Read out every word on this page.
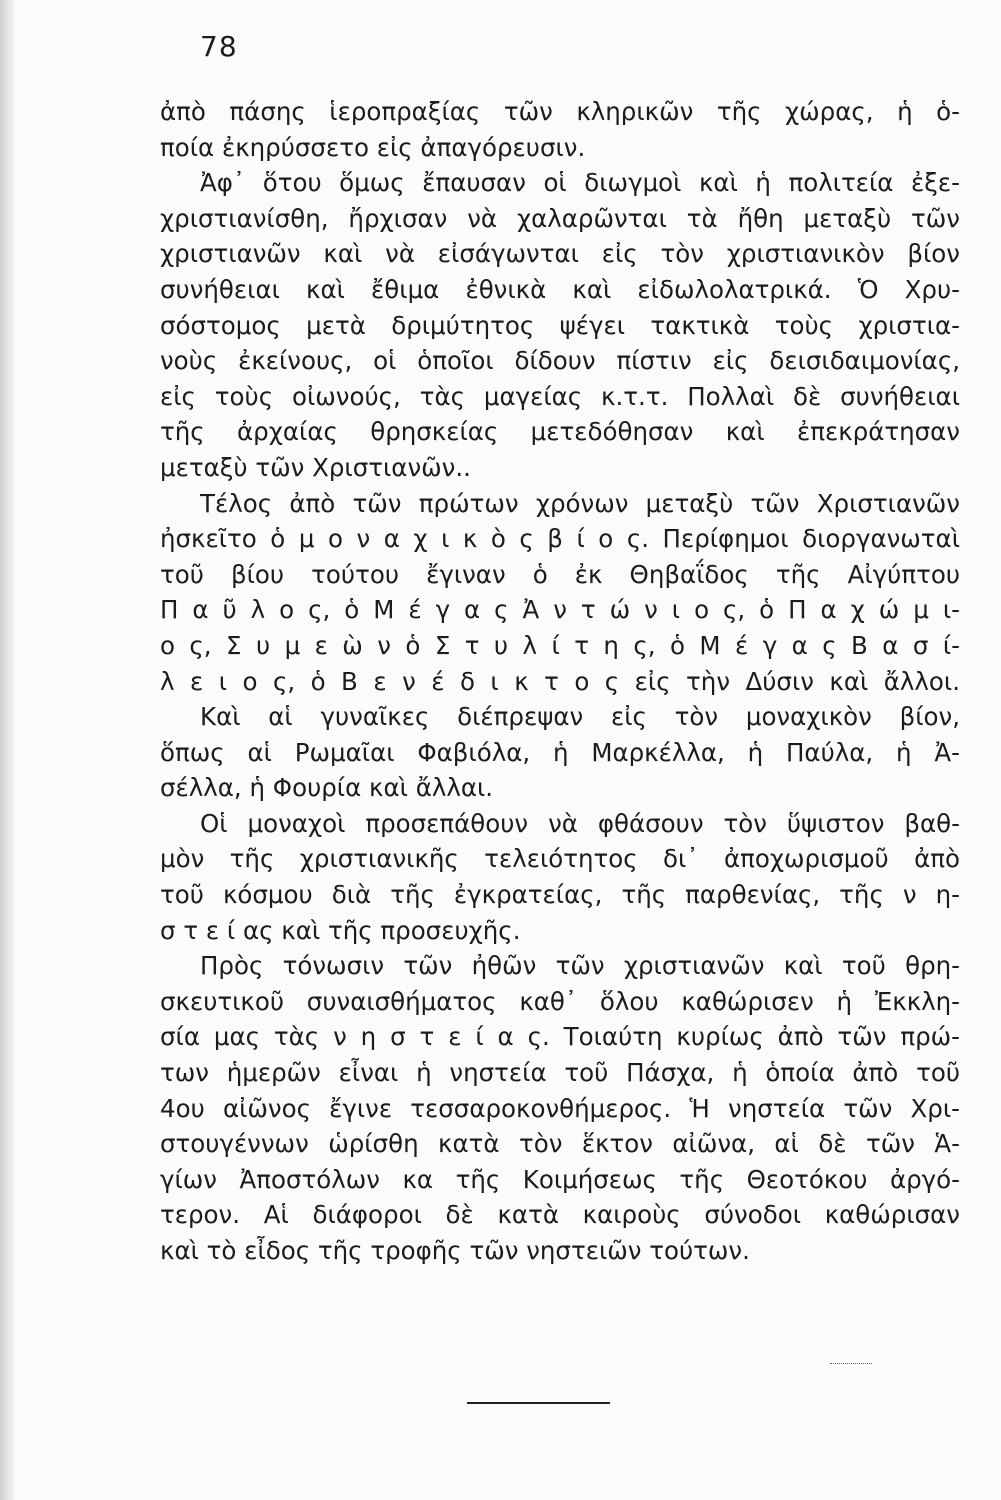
78
ἀπὸ πάσης ἱεροπραξίας τῶν κληρικῶν τῆς χώρας, ἡ ὁ-
ποία ἐκηρύσσετο εἰς ἀπαγόρευσιν.
Ἀφ᾽ ὅτου ὅμως ἔπαυσαν οἱ διωγμοὶ καὶ ἡ πολιτεία ἐξε-
χριστιανίσθη, ἤρχισαν νὰ χαλαρῶνται τὰ ἤθη μεταξὺ τῶν
χριστιανῶν καὶ νὰ εἰσάγωνται εἰς τὸν χριστιανικὸν βίον
συνήθειαι καὶ ἔθιμα ἐθνικὰ καὶ εἰδωλολατρικά. Ὁ Χρυ-
σόστομος μετὰ δριμύτητος ψέγει τακτικὰ τοὺς χριστια-
νοὺς ἐκείνους, οἱ ὁποῖοι δίδουν πίστιν εἰς δεισιδαιμονίας,
εἰς τοὺς οἰωνούς, τὰς μαγείας κ.τ.τ. Πολλαὶ δὲ συνήθειαι
τῆς ἀρχαίας θρησκείας μετεδόθησαν καὶ ἐπεκράτησαν
μεταξὺ τῶν Χριστιανῶν..
Τέλος ἀπὸ τῶν πρώτων χρόνων μεταξὺ τῶν Χριστιανῶν
ἠσκεῖτο ὁ μ ο ν α χ ι κ ὸ ς β ί ο ς. Περίφημοι διοργανωταὶ
τοῦ βίου τούτου ἔγιναν ὁ ἐκ Θηβαΐδος τῆς Αἰγύπτου
Π α ῦ λ ο ς, ὁ Μ έ γ α ς Ἀ ν τ ώ ν ι ο ς, ὁ Π α χ ώ μ ι-
ο ς, Σ υ μ ε ὼ ν ὁ Σ τ υ λ ί τ η ς, ὁ Μ έ γ α ς Β α σ ί-
λ ε ι ο ς, ὁ Β ε ν έ δ ι κ τ ο ς εἰς τὴν Δύσιν καὶ ἄλλοι.
Καὶ αἱ γυναῖκες διέπρεψαν εἰς τὸν μοναχικὸν βίον,
ὅπως αἱ Ρωμαῖαι Φαβιόλα, ἡ Μαρκέλλα, ἡ Παύλα, ἡ Ἀ-
σέλλα, ἡ Φουρία καὶ ἄλλαι.
Οἱ μοναχοὶ προσεπάθουν νὰ φθάσουν τὸν ὕψιστον βαθ-
μὸν τῆς χριστιανικῆς τελειότητος δι᾽ ἀποχωρισμοῦ ἀπὸ
τοῦ κόσμου διὰ τῆς ἐγκρατείας, τῆς παρθενίας, τῆς ν η-
σ τ ε ί ας καὶ τῆς προσευχῆς.
Πρὸς τόνωσιν τῶν ἠθῶν τῶν χριστιανῶν καὶ τοῦ θρη-
σκευτικοῦ συναισθήματος καθ᾽ ὅλου καθώρισεν ἡ Ἐκκλη-
σία μας τὰς ν η σ τ ε ί α ς. Τοιαύτη κυρίως ἀπὸ τῶν πρώ-
των ἡμερῶν εἶναι ἡ νηστεία τοῦ Πάσχα, ἡ ὁποία ἀπὸ τοῦ
4ου αἰῶνος ἔγινε τεσσαροκονθήμερος. Ἡ νηστεία τῶν Χρι-
στουγέννων ὡρίσθη κατὰ τὸν ἕκτον αἰῶνα, αἱ δὲ τῶν Ἁ-
γίων Ἀποστόλων κα τῆς Κοιμήσεως τῆς Θεοτόκου ἀργό-
τερον. Αἱ διάφοροι δὲ κατὰ καιροὺς σύνοδοι καθώρισαν
καὶ τὸ εἶδος τῆς τροφῆς τῶν νηστειῶν τούτων.
